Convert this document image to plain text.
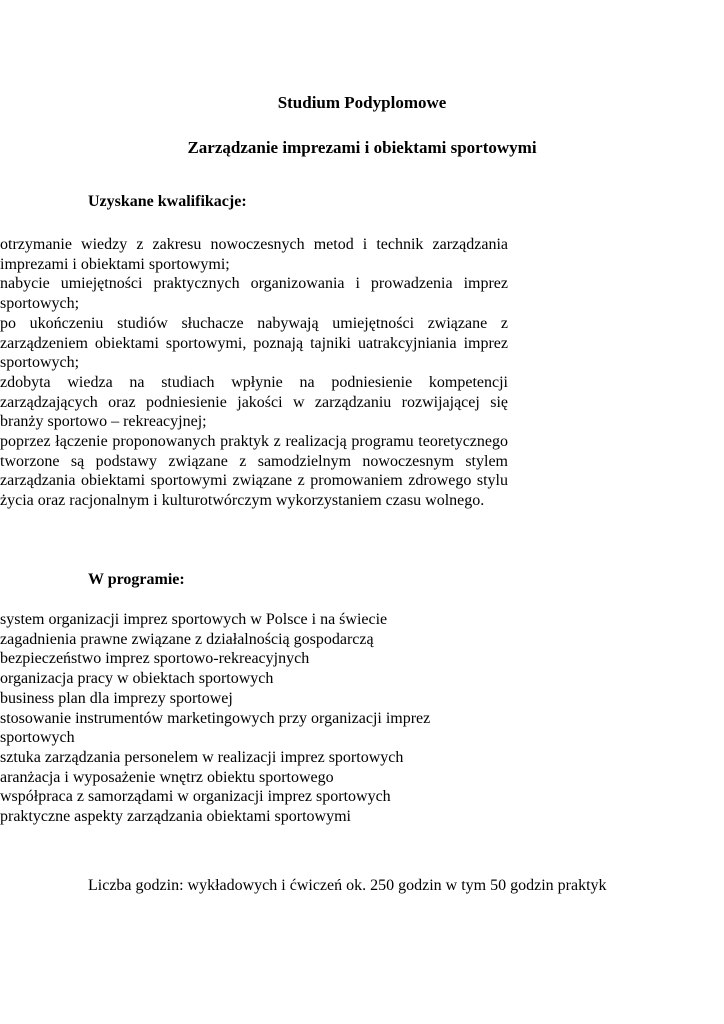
Studium Podyplomowe
Zarządzanie imprezami i obiektami sportowymi
Uzyskane kwalifikacje:
otrzymanie wiedzy z zakresu nowoczesnych metod i technik zarządzania imprezami i obiektami sportowymi;
nabycie umiejętności praktycznych organizowania i prowadzenia imprez sportowych;
po ukończeniu studiów słuchacze nabywają umiejętności związane z zarządzeniem obiektami sportowymi, poznają tajniki uatrakcyjniania imprez sportowych;
zdobyta wiedza na studiach wpłynie na podniesienie kompetencji zarządzających oraz podniesienie jakości w zarządzaniu rozwijającej się branży sportowo – rekreacyjnej;
poprzez łączenie proponowanych praktyk z realizacją programu teoretycznego tworzone są podstawy związane z samodzielnym nowoczesnym stylem zarządzania obiektami sportowymi związane z promowaniem zdrowego stylu życia oraz racjonalnym i kulturotwórczym wykorzystaniem czasu wolnego.
W programie:
system organizacji imprez sportowych w Polsce i na świecie
zagadnienia prawne związane z działalnością gospodarczą
bezpieczeństwo imprez sportowo-rekreacyjnych
organizacja pracy w obiektach sportowych
business plan dla imprezy sportowej
stosowanie instrumentów marketingowych przy organizacji imprez sportowych
sztuka zarządzania personelem w realizacji imprez sportowych
aranżacja i wyposażenie wnętrz obiektu sportowego
współpraca z samorządami w organizacji imprez sportowych
praktyczne aspekty zarządzania obiektami sportowymi

Liczba godzin: wykładowych i ćwiczeń ok. 250 godzin w tym 50 godzin praktyk
